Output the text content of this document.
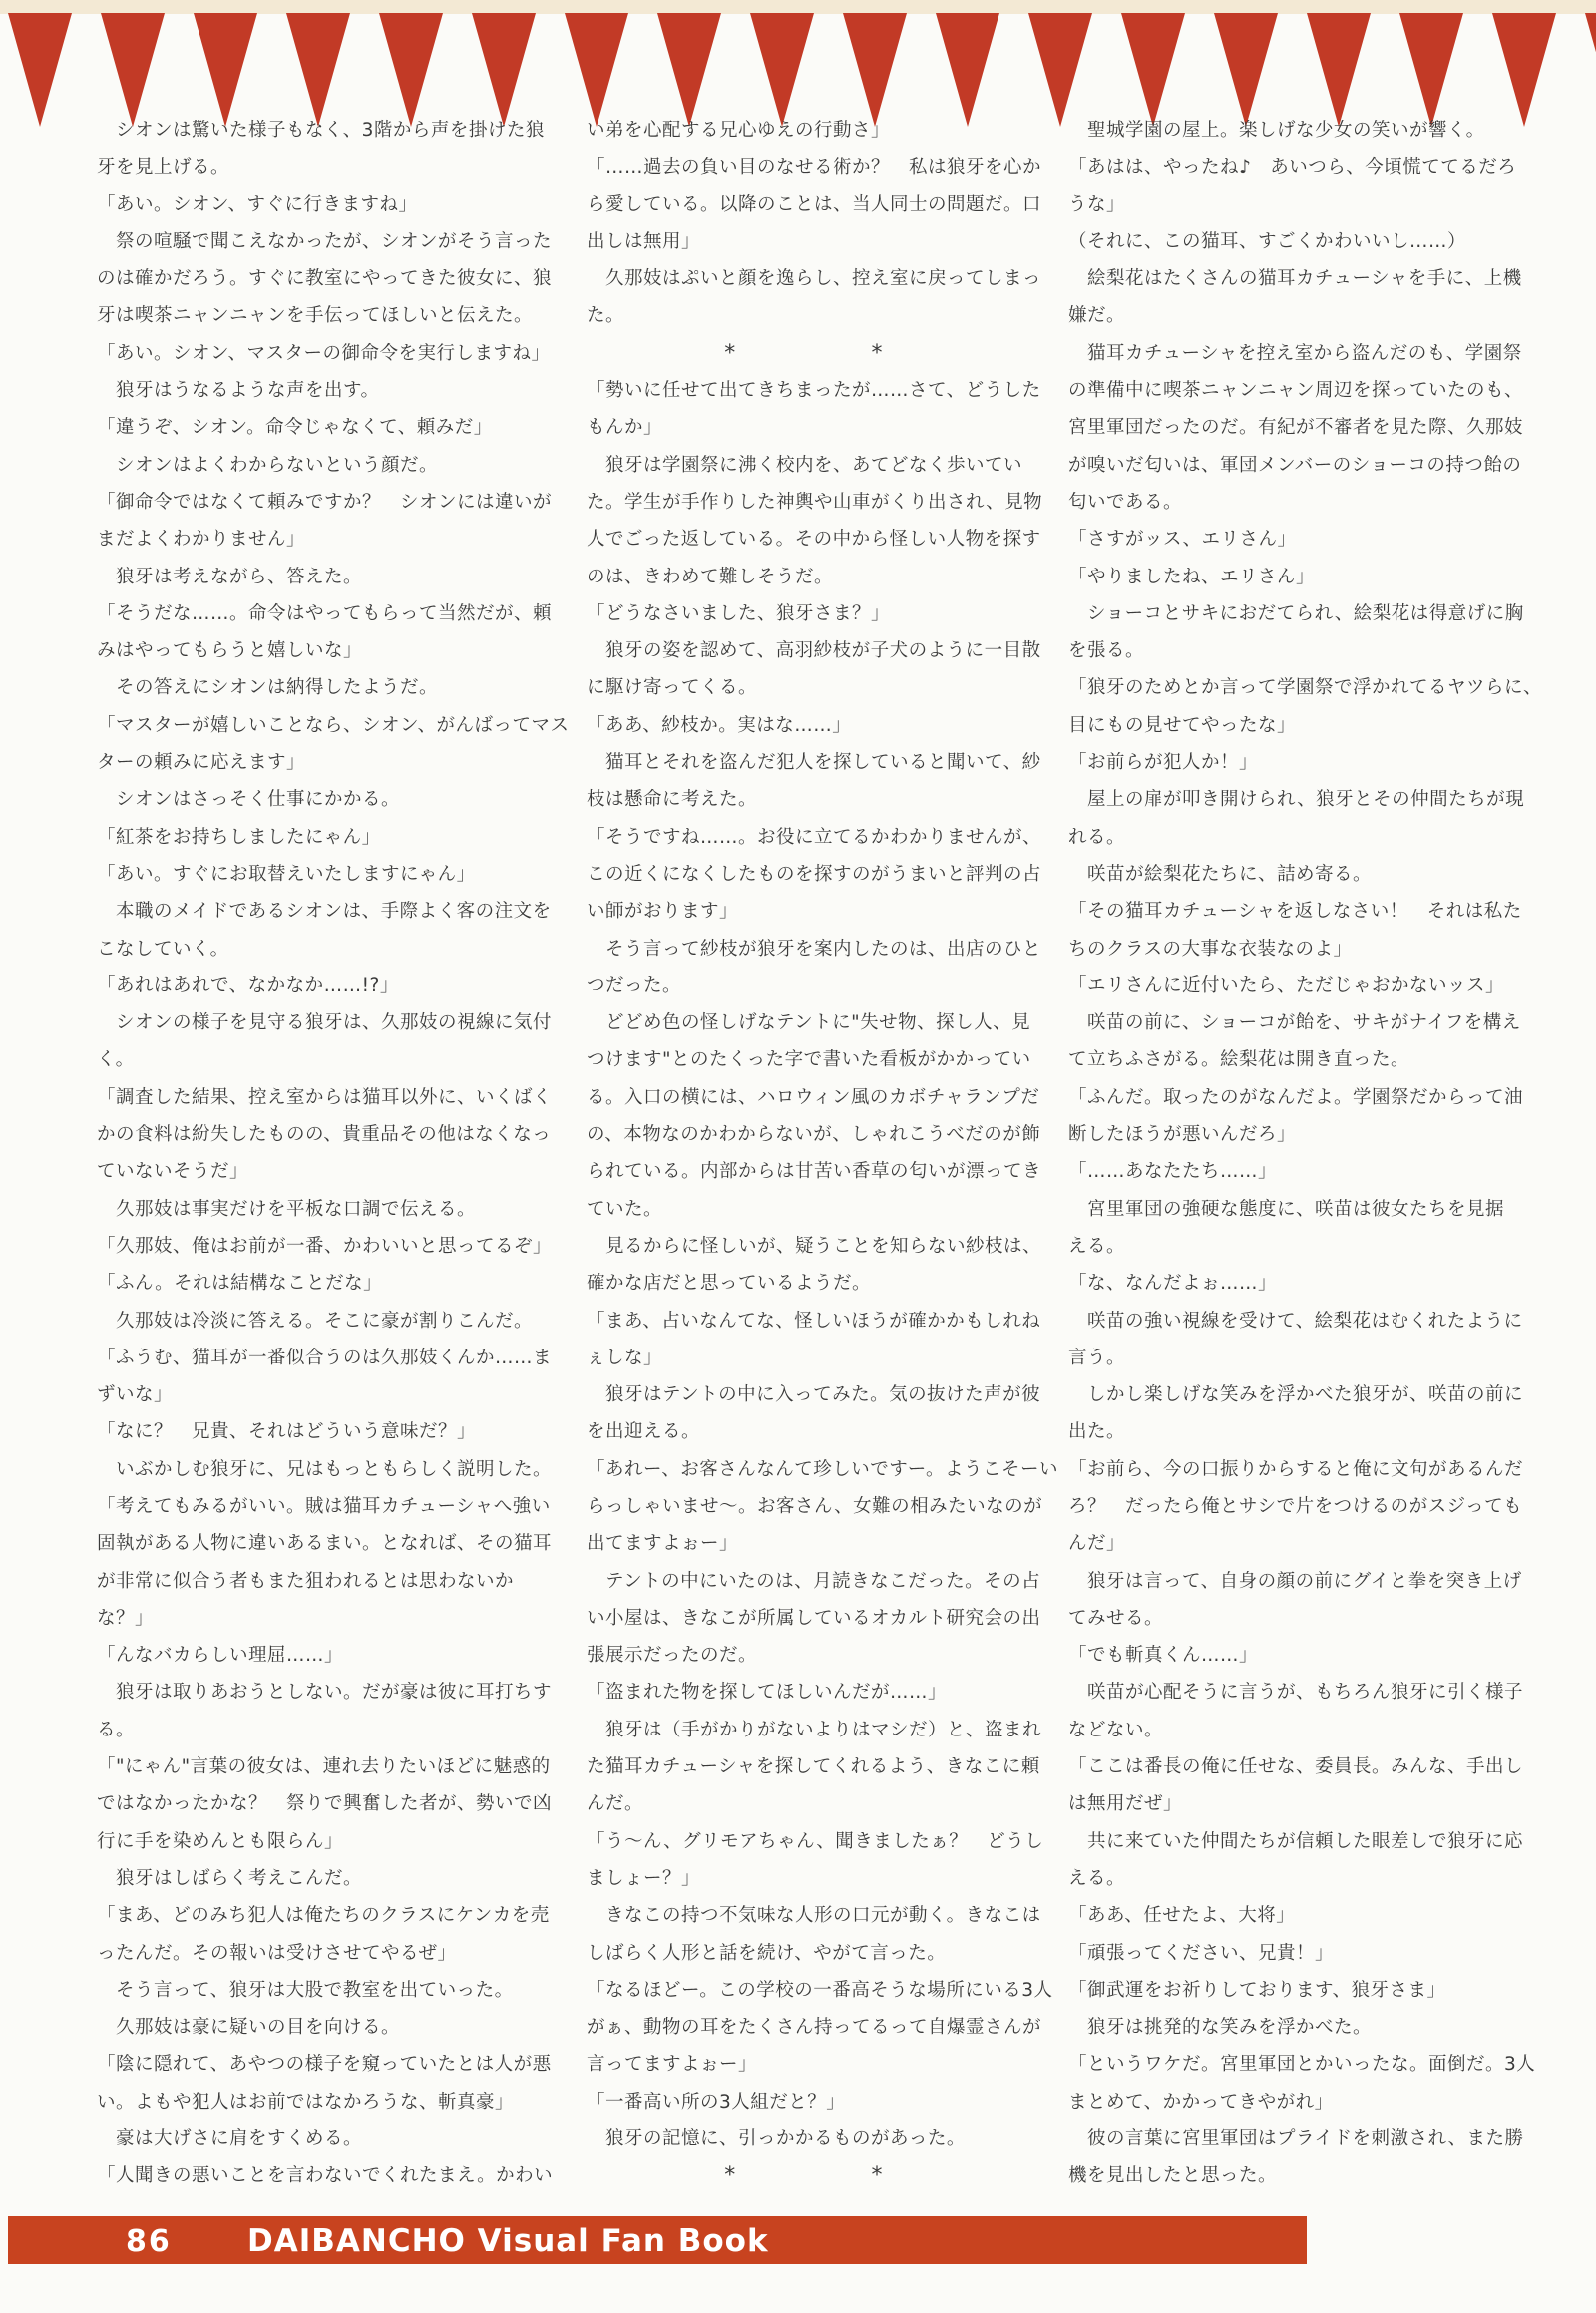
　シオンは驚いた様子もなく、3階から声を掛けた狼
牙を見上げる。
「あい。シオン、すぐに行きますね」
　祭の喧騒で聞こえなかったが、シオンがそう言った
のは確かだろう。すぐに教室にやってきた彼女に、狼
牙は喫茶ニャンニャンを手伝ってほしいと伝えた。
「あい。シオン、マスターの御命令を実行しますね」
　狼牙はうなるような声を出す。
「違うぞ、シオン。命令じゃなくて、頼みだ」
　シオンはよくわからないという顔だ。
「御命令ではなくて頼みですか？　シオンには違いが
まだよくわかりません」
　狼牙は考えながら、答えた。
「そうだな……。命令はやってもらって当然だが、頼
みはやってもらうと嬉しいな」
　その答えにシオンは納得したようだ。
「マスターが嬉しいことなら、シオン、がんばってマス
ターの頼みに応えます」
　シオンはさっそく仕事にかかる。
「紅茶をお持ちしましたにゃん」
「あい。すぐにお取替えいたしますにゃん」
　本職のメイドであるシオンは、手際よく客の注文を
こなしていく。
「あれはあれで、なかなか……!?」
　シオンの様子を見守る狼牙は、久那妓の視線に気付
く。
「調査した結果、控え室からは猫耳以外に、いくばく
かの食料は紛失したものの、貴重品その他はなくなっ
ていないそうだ」
　久那妓は事実だけを平板な口調で伝える。
「久那妓、俺はお前が一番、かわいいと思ってるぞ」
「ふん。それは結構なことだな」
　久那妓は冷淡に答える。そこに豪が割りこんだ。
「ふうむ、猫耳が一番似合うのは久那妓くんか……ま
ずいな」
「なに？　兄貴、それはどういう意味だ？」
　いぶかしむ狼牙に、兄はもっともらしく説明した。
「考えてもみるがいい。賊は猫耳カチューシャへ強い
固執がある人物に違いあるまい。となれば、その猫耳
が非常に似合う者もまた狙われるとは思わないか
な？」
「んなバカらしい理屈……」
　狼牙は取りあおうとしない。だが豪は彼に耳打ちす
る。
「"にゃん"言葉の彼女は、連れ去りたいほどに魅惑的
ではなかったかな？　祭りで興奮した者が、勢いで凶
行に手を染めんとも限らん」
　狼牙はしばらく考えこんだ。
「まあ、どのみち犯人は俺たちのクラスにケンカを売
ったんだ。その報いは受けさせてやるぜ」
　そう言って、狼牙は大股で教室を出ていった。
　久那妓は豪に疑いの目を向ける。
「陰に隠れて、あやつの様子を窺っていたとは人が悪
い。よもや犯人はお前ではなかろうな、斬真豪」
　豪は大げさに肩をすくめる。
「人聞きの悪いことを言わないでくれたまえ。かわい
い弟を心配する兄心ゆえの行動さ」
「……過去の負い目のなせる術か？　私は狼牙を心か
ら愛している。以降のことは、当人同士の問題だ。口
出しは無用」
　久那妓はぷいと顔を逸らし、控え室に戻ってしまっ
た。
*	*
「勢いに任せて出てきちまったが……さて、どうした
もんか」
　狼牙は学園祭に沸く校内を、あてどなく歩いてい
た。学生が手作りした神輿や山車がくり出され、見物
人でごった返している。その中から怪しい人物を探す
のは、きわめて難しそうだ。
「どうなさいました、狼牙さま？」
　狼牙の姿を認めて、高羽紗枝が子犬のように一目散
に駆け寄ってくる。
「ああ、紗枝か。実はな……」
　猫耳とそれを盗んだ犯人を探していると聞いて、紗
枝は懸命に考えた。
「そうですね……。お役に立てるかわかりませんが、
この近くになくしたものを探すのがうまいと評判の占
い師がおります」
　そう言って紗枝が狼牙を案内したのは、出店のひと
つだった。
　どどめ色の怪しげなテントに"失せ物、探し人、見
つけます"とのたくった字で書いた看板がかかってい
る。入口の横には、ハロウィン風のカボチャランプだ
の、本物なのかわからないが、しゃれこうべだのが飾
られている。内部からは甘苦い香草の匂いが漂ってき
ていた。
　見るからに怪しいが、疑うことを知らない紗枝は、
確かな店だと思っているようだ。
「まあ、占いなんてな、怪しいほうが確かかもしれね
ぇしな」
　狼牙はテントの中に入ってみた。気の抜けた声が彼
を出迎える。
「あれー、お客さんなんて珍しいですー。ようこそーい
らっしゃいませ〜。お客さん、女難の相みたいなのが
出てますよぉー」
　テントの中にいたのは、月読きなこだった。その占
い小屋は、きなこが所属しているオカルト研究会の出
張展示だったのだ。
「盗まれた物を探してほしいんだが……」
　狼牙は（手がかりがないよりはマシだ）と、盗まれ
た猫耳カチューシャを探してくれるよう、きなこに頼
んだ。
「う〜ん、グリモアちゃん、聞きましたぁ？　どうし
ましょー？」
　きなこの持つ不気味な人形の口元が動く。きなこは
しばらく人形と話を続け、やがて言った。
「なるほどー。この学校の一番高そうな場所にいる3人
がぁ、動物の耳をたくさん持ってるって自爆霊さんが
言ってますよぉー」
「一番高い所の3人組だと？」
　狼牙の記憶に、引っかかるものがあった。
*	*
　聖城学園の屋上。楽しげな少女の笑いが響く。
「あはは、やったね♪　あいつら、今頃慌ててるだろ
うな」
（それに、この猫耳、すごくかわいいし……）
　絵梨花はたくさんの猫耳カチューシャを手に、上機
嫌だ。
　猫耳カチューシャを控え室から盗んだのも、学園祭
の準備中に喫茶ニャンニャン周辺を探っていたのも、
宮里軍団だったのだ。有紀が不審者を見た際、久那妓
が嗅いだ匂いは、軍団メンバーのショーコの持つ飴の
匂いである。
「さすがッス、エリさん」
「やりましたね、エリさん」
　ショーコとサキにおだてられ、絵梨花は得意げに胸
を張る。
「狼牙のためとか言って学園祭で浮かれてるヤツらに、
目にもの見せてやったな」
「お前らが犯人か！」
　屋上の扉が叩き開けられ、狼牙とその仲間たちが現
れる。
　咲苗が絵梨花たちに、詰め寄る。
「その猫耳カチューシャを返しなさい！　それは私た
ちのクラスの大事な衣装なのよ」
「エリさんに近付いたら、ただじゃおかないッス」
　咲苗の前に、ショーコが飴を、サキがナイフを構え
て立ちふさがる。絵梨花は開き直った。
「ふんだ。取ったのがなんだよ。学園祭だからって油
断したほうが悪いんだろ」
「……あなたたち……」
　宮里軍団の強硬な態度に、咲苗は彼女たちを見据
える。
「な、なんだよぉ……」
　咲苗の強い視線を受けて、絵梨花はむくれたように
言う。
　しかし楽しげな笑みを浮かべた狼牙が、咲苗の前に
出た。
「お前ら、今の口振りからすると俺に文句があるんだ
ろ？　だったら俺とサシで片をつけるのがスジっても
んだ」
　狼牙は言って、自身の顔の前にグイと拳を突き上げ
てみせる。
「でも斬真くん……」
　咲苗が心配そうに言うが、もちろん狼牙に引く様子
などない。
「ここは番長の俺に任せな、委員長。みんな、手出し
は無用だぜ」
　共に来ていた仲間たちが信頼した眼差しで狼牙に応
える。
「ああ、任せたよ、大将」
「頑張ってください、兄貴！」
「御武運をお祈りしております、狼牙さま」
　狼牙は挑発的な笑みを浮かべた。
「というワケだ。宮里軍団とかいったな。面倒だ。3人
まとめて、かかってきやがれ」
　彼の言葉に宮里軍団はプライドを刺激され、また勝
機を見出したと思った。
86 DAIBANCHO Visual Fan Book
